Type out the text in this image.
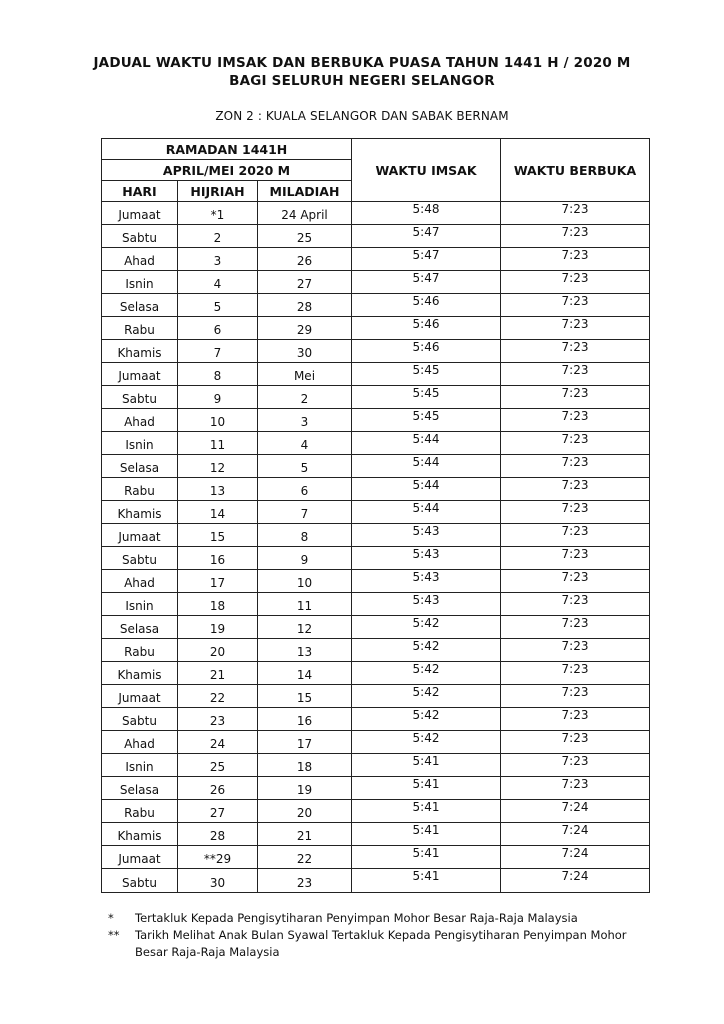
JADUAL WAKTU IMSAK DAN BERBUKA PUASA TAHUN 1441 H / 2020 M
BAGI SELURUH NEGERI SELANGOR
ZON 2 : KUALA SELANGOR DAN SABAK BERNAM
RAMADAN 1441H			WAKTU IMSAK	WAKTU BERBUKA
APRIL/MEI 2020 M				
HARI	HIJRIAH	MILADIAH		
Jumaat	*1	24 April	5:48	7:23
Sabtu	2	25	5:47	7:23
Ahad	3	26	5:47	7:23
Isnin	4	27	5:47	7:23
Selasa	5	28	5:46	7:23
Rabu	6	29	5:46	7:23
Khamis	7	30	5:46	7:23
Jumaat	8	Mei	5:45	7:23
Sabtu	9	2	5:45	7:23
Ahad	10	3	5:45	7:23
Isnin	11	4	5:44	7:23
Selasa	12	5	5:44	7:23
Rabu	13	6	5:44	7:23
Khamis	14	7	5:44	7:23
Jumaat	15	8	5:43	7:23
Sabtu	16	9	5:43	7:23
Ahad	17	10	5:43	7:23
Isnin	18	11	5:43	7:23
Selasa	19	12	5:42	7:23
Rabu	20	13	5:42	7:23
Khamis	21	14	5:42	7:23
Jumaat	22	15	5:42	7:23
Sabtu	23	16	5:42	7:23
Ahad	24	17	5:42	7:23
Isnin	25	18	5:41	7:23
Selasa	26	19	5:41	7:23
Rabu	27	20	5:41	7:24
Khamis	28	21	5:41	7:24
Jumaat	**29	22	5:41	7:24
Sabtu	30	23	5:41	7:24
*	Tertakluk Kepada Pengisytiharan Penyimpan Mohor Besar Raja-Raja Malaysia
**	Tarikh Melihat Anak Bulan Syawal Tertakluk Kepada Pengisytiharan Penyimpan Mohor Besar Raja-Raja Malaysia
